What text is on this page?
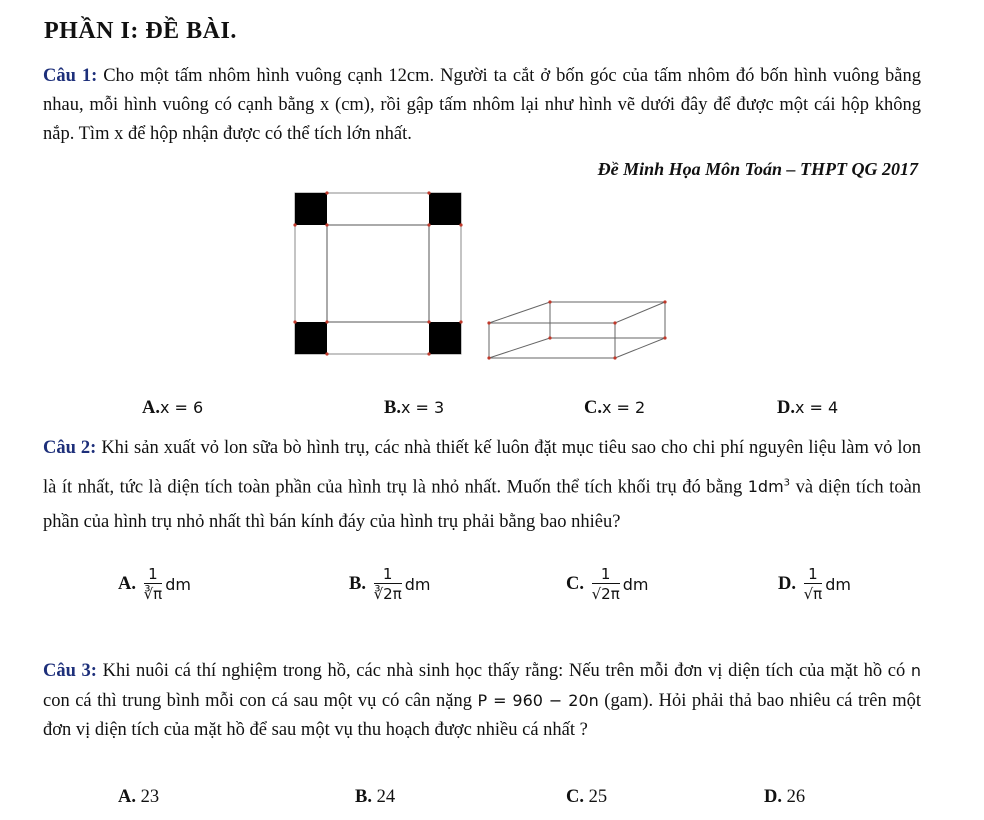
PHẦN I: ĐỀ BÀI.
Câu 1: Cho một tấm nhôm hình vuông cạnh 12cm. Người ta cắt ở bốn góc của tấm nhôm đó bốn hình vuông bằng nhau, mỗi hình vuông có cạnh bằng x (cm), rồi gập tấm nhôm lại như hình vẽ dưới đây để được một cái hộp không nắp. Tìm x để hộp nhận được có thể tích lớn nhất.
Đề Minh Họa Môn Toán – THPT QG 2017
A.x = 6	B.x = 3	C.x = 2	D.x = 4
Câu 2: Khi sản xuất vỏ lon sữa bò hình trụ, các nhà thiết kế luôn đặt mục tiêu sao cho chi phí nguyên liệu làm vỏ lon là ít nhất, tức là diện tích toàn phần của hình trụ là nhỏ nhất. Muốn thể tích khối trụ đó bằng $1dm^3$ và diện tích toàn phần của hình trụ nhỏ nhất thì bán kính đáy của hình trụ phải bằng bao nhiêu?
A. $\frac{1}{∛\pi}$ dm	B. $\frac{1}{∛2\pi}$ dm	C. $\frac{1}{√2\pi}$ dm	D. $\frac{1}{√\pi}$ dm
Câu 3: Khi nuôi cá thí nghiệm trong hồ, các nhà sinh học thấy rằng: Nếu trên mỗi đơn vị diện tích của mặt hồ có n con cá thì trung bình mỗi con cá sau một vụ có cân nặng P = 960 − 20n (gam). Hỏi phải thả bao nhiêu cá trên một đơn vị diện tích của mặt hồ để sau một vụ thu hoạch được nhiều cá nhất ?
A. 23	B. 24	C. 25	D. 26
